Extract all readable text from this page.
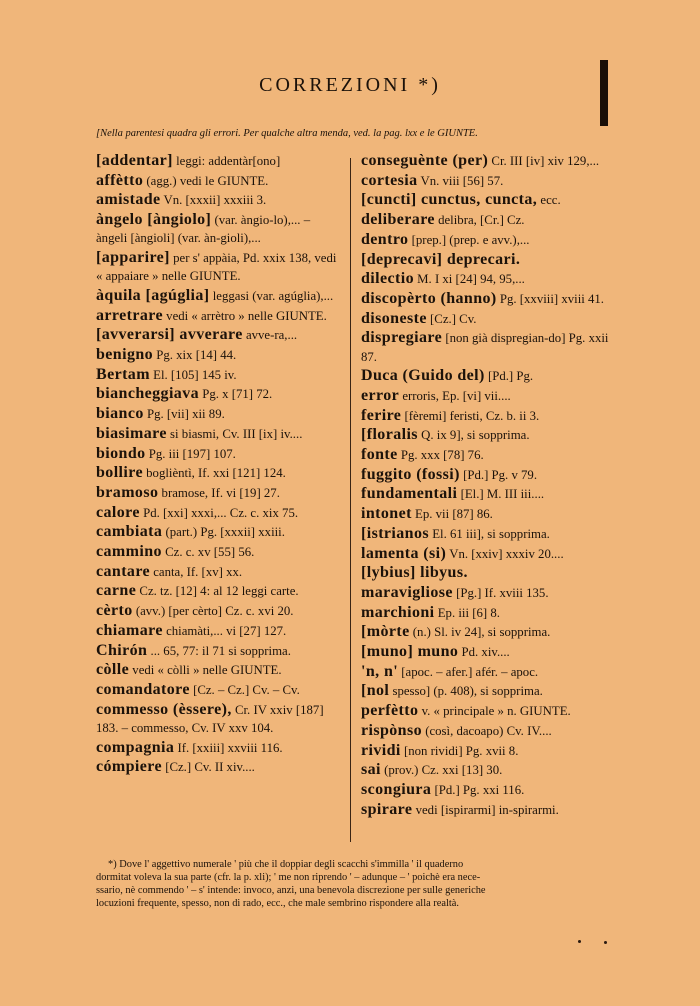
CORREZIONI *)
[Nella parentesi quadra gli errori. Per qualche altra menda, ved. la pag. lxx e le GIUNTE.
[addentar] leggi: addentàr[ono]
affètto (agg.) vedi le GIUNTE.
amistade Vn. [xxxii] xxxiii 3.
àngelo [àngiolo] (var. àngio-lo),... – àngeli [àngioli] (var. àn-gioli),...
[apparire] per s' appàia, Pd. xxix 138, vedi « appaiare » nelle GIUNTE.
àquila [agúglia] leggasi (var. agúglia),...
arretrare vedi « arrètro » nelle GIUNTE.
[avverarsi] avverare avve-ra,...
benigno Pg. xix [14] 44.
Bertam El. [105] 145 iv.
biancheggiava Pg. x [71] 72.
bianco Pg. [vii] xii 89.
biasimare si biasmi, Cv. III [ix] iv....
biondo Pg. iii [197] 107.
bollire boglièntì, If. xxi [121] 124.
bramoso bramose, If. vi [19] 27.
calore Pd. [xxi] xxxi,... Cz. c. xix 75.
cambiata (part.) Pg. [xxxii] xxiii.
cammino Cz. c. xv [55] 56.
cantare canta, If. [xv] xx.
carne Cz. tz. [12] 4: al 12 leggi carte.
cèrto (avv.) [per cèrto] Cz. c. xvi 20.
chiamare chiamàti,... vi [27] 127.
Chirón ... 65, 77: il 71 si sopprima.
còlle vedi « còlli » nelle GIUNTE.
comandatore [Cz. – Cz.] Cv. – Cv.
commesso (èssere), Cr. IV xxiv [187] 183. – commesso, Cv. IV xxv 104.
compagnia If. [xxiii] xxviii 116.
cómpiere [Cz.] Cv. II xiv....
conseguènte (per) Cr. III [iv] xiv 129,...
cortesia Vn. viii [56] 57.
[cuncti] cunctus, cuncta, ecc.
deliberare delibra, [Cr.] Cz.
dentro [prep.] (prep. e avv.),...
[deprecavi] deprecari.
dilectio M. I xi [24] 94, 95,...
discopèrto (hanno) Pg. [xxviii] xviii 41.
disoneste [Cz.] Cv.
dispregiare [non già dispregian-do] Pg. xxii 87.
Duca (Guido del) [Pd.] Pg.
error erroris, Ep. [vi] vii....
ferire [fèremi] feristi, Cz. b. ii 3.
[floralis Q. ix 9], si sopprima.
fonte Pg. xxx [78] 76.
fuggito (fossi) [Pd.] Pg. v 79.
fundamentali [El.] M. III iii....
intonet Ep. vii [87] 86.
[istrianos El. 61 iii], si sopprima.
lamenta (si) Vn. [xxiv] xxxiv 20....
[lybius] libyus.
maravigliose [Pg.] If. xviii 135.
marchioni Ep. iii [6] 8.
[mòrte (n.) Sl. iv 24], si sopprima.
[muno] muno Pd. xiv....
'n, n' [apoc. – afer.] afér. – apoc.
[nol spesso] (p. 408), si sopprima.
perfètto v. « principale » n. GIUNTE.
rispònso (così, dacoapo) Cv. IV....
rividi [non rividi] Pg. xvii 8.
sai (prov.) Cz. xxi [13] 30.
scongiura [Pd.] Pg. xxi 116.
spirare vedi [ispirarmi] in-spirarmi.
*) Dove l' aggettivo numerale ' più che il doppiar degli scacchi s'immilla ' il quaderno
dormitat volevа la sua parte (cfr. la p. xli); ' me non riprendo ' – adunque – ' poichè era nece-
ssario, nè commendo ' – s' intende: invoco, anzi, una benevola discrezione per sulle generiche
locuzioni frequente, spesso, non di rado, ecc., che male sembrino rispondere alla realtà.
